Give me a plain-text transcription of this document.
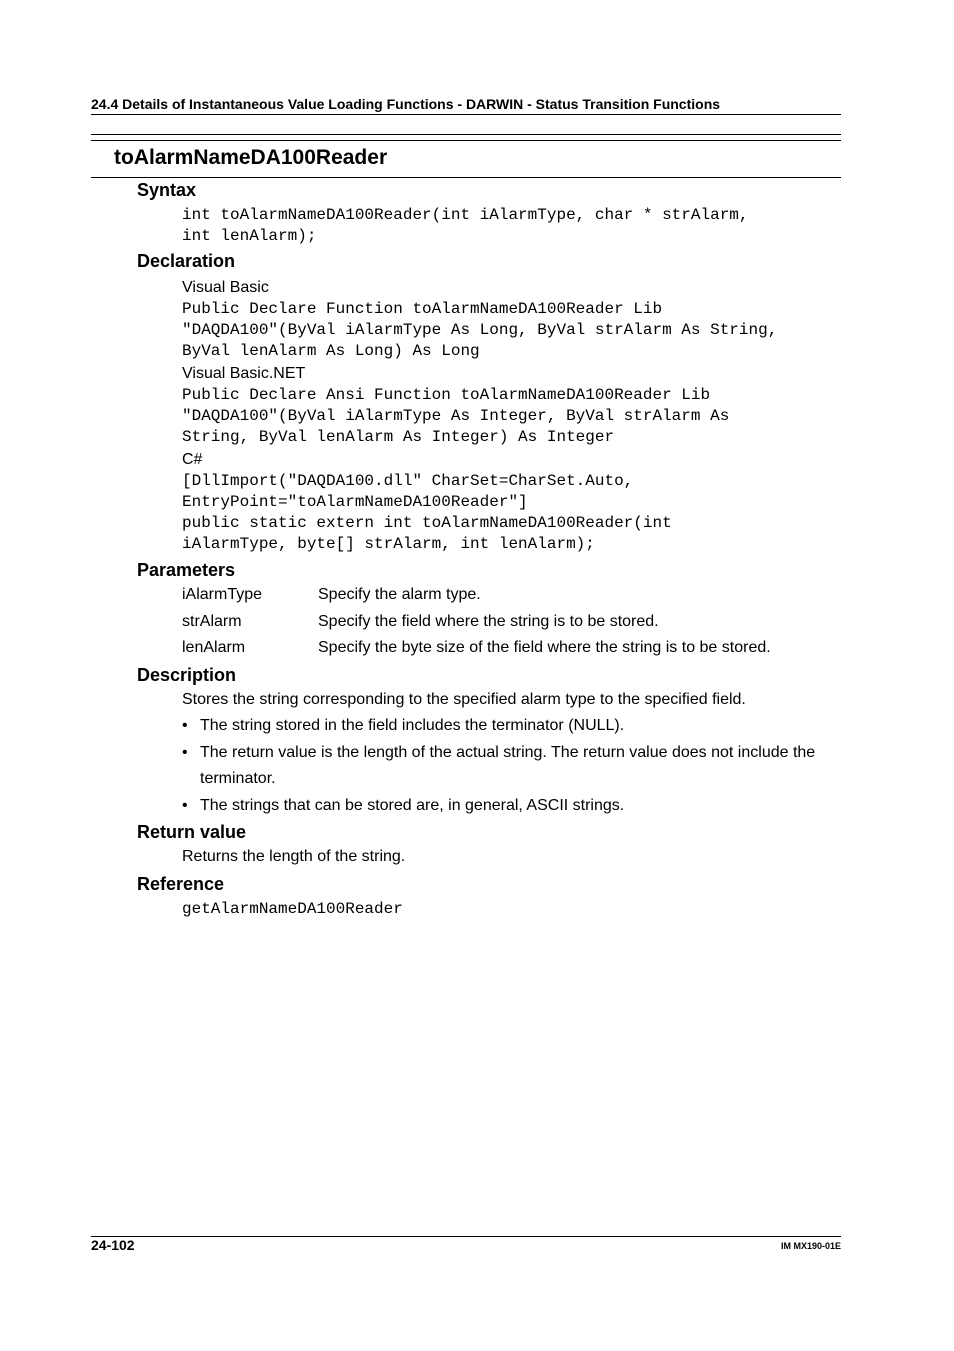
24.4 Details of Instantaneous Value Loading Functions - DARWIN - Status Transition Functions
toAlarmNameDA100Reader
Syntax
int toAlarmNameDA100Reader(int iAlarmType, char * strAlarm,
int lenAlarm);
Declaration
Visual Basic
Public Declare Function toAlarmNameDA100Reader Lib
"DAQDA100"(ByVal iAlarmType As Long, ByVal strAlarm As String,
ByVal lenAlarm As Long) As Long
Visual Basic.NET
Public Declare Ansi Function toAlarmNameDA100Reader Lib
"DAQDA100"(ByVal iAlarmType As Integer, ByVal strAlarm As
String, ByVal lenAlarm As Integer) As Integer
C#
[DllImport("DAQDA100.dll" CharSet=CharSet.Auto,
EntryPoint="toAlarmNameDA100Reader"]
public static extern int toAlarmNameDA100Reader(int
iAlarmType, byte[] strAlarm, int lenAlarm);
Parameters
iAlarmType	Specify the alarm type.
strAlarm	Specify the field where the string is to be stored.
lenAlarm	Specify the byte size of the field where the string is to be stored.
Description
Stores the string corresponding to the specified alarm type to the specified field.
• The string stored in the field includes the terminator (NULL).
• The return value is the length of the actual string. The return value does not include the terminator.
• The strings that can be stored are, in general, ASCII strings.
Return value
Returns the length of the string.
Reference
getAlarmNameDA100Reader
24-102	IM MX190-01E
